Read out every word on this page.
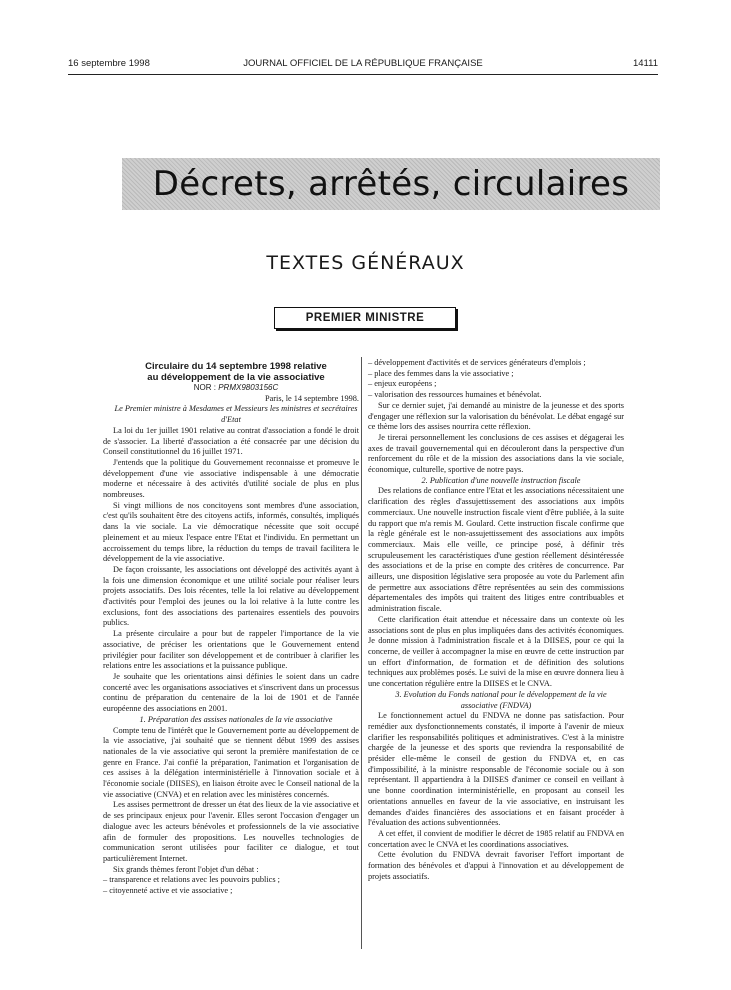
16 septembre 1998	JOURNAL OFFICIEL DE LA RÉPUBLIQUE FRANÇAISE	14111
Décrets, arrêtés, circulaires
TEXTES GÉNÉRAUX
PREMIER MINISTRE

Circulaire du 14 septembre 1998 relative

au développement de la vie associative

NOR : PRMX9803156C

Paris, le 14 septembre 1998.

Le Premier ministre à Mesdames et Messieurs les ministres et secrétaires d'Etat

La loi du 1er juillet 1901 relative au contrat d'association a fondé le droit de s'associer. La liberté d'association a été consacrée par une décision du Conseil constitutionnel du 16 juillet 1971.

J'entends que la politique du Gouvernement reconnaisse et promeuve le développement d'une vie associative indispensable à une démocratie moderne et nécessaire à des activités d'utilité sociale de plus en plus nombreuses.

Si vingt millions de nos concitoyens sont membres d'une association, c'est qu'ils souhaitent être des citoyens actifs, informés, consultés, impliqués dans la vie sociale. La vie démocratique nécessite que soit occupé pleinement et au mieux l'espace entre l'Etat et l'individu. En permettant un accroissement du temps libre, la réduction du temps de travail facilitera le développement de la vie associative.

De façon croissante, les associations ont développé des activités ayant à la fois une dimension économique et une utilité sociale pour réaliser leurs projets associatifs. Des lois récentes, telle la loi relative au développement d'activités pour l'emploi des jeunes ou la loi relative à la lutte contre les exclusions, font des associations des partenaires essentiels des pouvoirs publics.

La présente circulaire a pour but de rappeler l'importance de la vie associative, de préciser les orientations que le Gouvernement entend privilégier pour faciliter son développement et de contribuer à clarifier les relations entre les associations et la puissance publique.

Je souhaite que les orientations ainsi définies le soient dans un cadre concerté avec les organisations associatives et s'inscrivent dans un processus continu de préparation du centenaire de la loi de 1901 et de l'année européenne des associations en 2001.

1. Préparation des assises nationales de la vie associative

Compte tenu de l'intérêt que le Gouvernement porte au développement de la vie associative, j'ai souhaité que se tiennent début 1999 des assises nationales de la vie associative qui seront la première manifestation de ce genre en France. J'ai confié la préparation, l'animation et l'organisation de ces assises à la délégation interministérielle à l'innovation sociale et à l'économie sociale (DIISES), en liaison étroite avec le Conseil national de la vie associative (CNVA) et en relation avec les ministères concernés.

Les assises permettront de dresser un état des lieux de la vie associative et de ses principaux enjeux pour l'avenir. Elles seront l'occasion d'engager un dialogue avec les acteurs bénévoles et professionnels de la vie associative afin de formuler des propositions. Les nouvelles technologies de communication seront utilisées pour faciliter ce dialogue, et tout particulièrement Internet.

Six grands thèmes feront l'objet d'un débat :

– transparence et relations avec les pouvoirs publics ;

– citoyenneté active et vie associative ;

– développement d'activités et de services générateurs d'emplois ;

– place des femmes dans la vie associative ;

– enjeux européens ;

– valorisation des ressources humaines et bénévolat.

Sur ce dernier sujet, j'ai demandé au ministre de la jeunesse et des sports d'engager une réflexion sur la valorisation du bénévolat. Le débat engagé sur ce thème lors des assises nourrira cette réflexion.

Je tirerai personnellement les conclusions de ces assises et dégagerai les axes de travail gouvernemental qui en découleront dans la perspective d'un renforcement du rôle et de la mission des associations dans la vie sociale, économique, culturelle, sportive de notre pays.

2. Publication d'une nouvelle instruction fiscale

Des relations de confiance entre l'Etat et les associations nécessitaient une clarification des règles d'assujettissement des associations aux impôts commerciaux. Une nouvelle instruction fiscale vient d'être publiée, à la suite du rapport que m'a remis M. Goulard. Cette instruction fiscale confirme que la règle générale est le non-assujettissement des associations aux impôts commerciaux. Mais elle veille, ce principe posé, à définir très scrupuleusement les caractéristiques d'une gestion réellement désintéressée des associations et de la prise en compte des critères de concurrence. Par ailleurs, une disposition législative sera proposée au vote du Parlement afin de permettre aux associations d'être représentées au sein des commissions départementales des impôts qui traitent des litiges entre contribuables et administration fiscale.

Cette clarification était attendue et nécessaire dans un contexte où les associations sont de plus en plus impliquées dans des activités économiques. Je donne mission à l'administration fiscale et à la DIISES, pour ce qui la concerne, de veiller à accompagner la mise en œuvre de cette instruction par un effort d'information, de formation et de définition des solutions techniques aux problèmes posés. Le suivi de la mise en œuvre donnera lieu à une concertation régulière entre la DIISES et le CNVA.

3. Evolution du Fonds national pour le développement de la vie associative (FNDVA)

Le fonctionnement actuel du FNDVA ne donne pas satisfaction. Pour remédier aux dysfonctionnements constatés, il importe à l'avenir de mieux clarifier les responsabilités politiques et administratives. C'est à la ministre chargée de la jeunesse et des sports que reviendra la responsabilité de présider elle-même le conseil de gestion du FNDVA et, en cas d'impossibilité, à la ministre responsable de l'économie sociale ou à son représentant. Il appartiendra à la DIISES d'animer ce conseil en veillant à une bonne coordination interministérielle, en proposant au conseil les orientations annuelles en faveur de la vie associative, en instruisant les demandes d'aides financières des associations et en faisant procéder à l'évaluation des actions subventionnées.

A cet effet, il convient de modifier le décret de 1985 relatif au FNDVA en concertation avec le CNVA et les coordinations associatives.

Cette évolution du FNDVA devrait favoriser l'effort important de formation des bénévoles et d'appui à l'innovation et au développement de projets associatifs.
